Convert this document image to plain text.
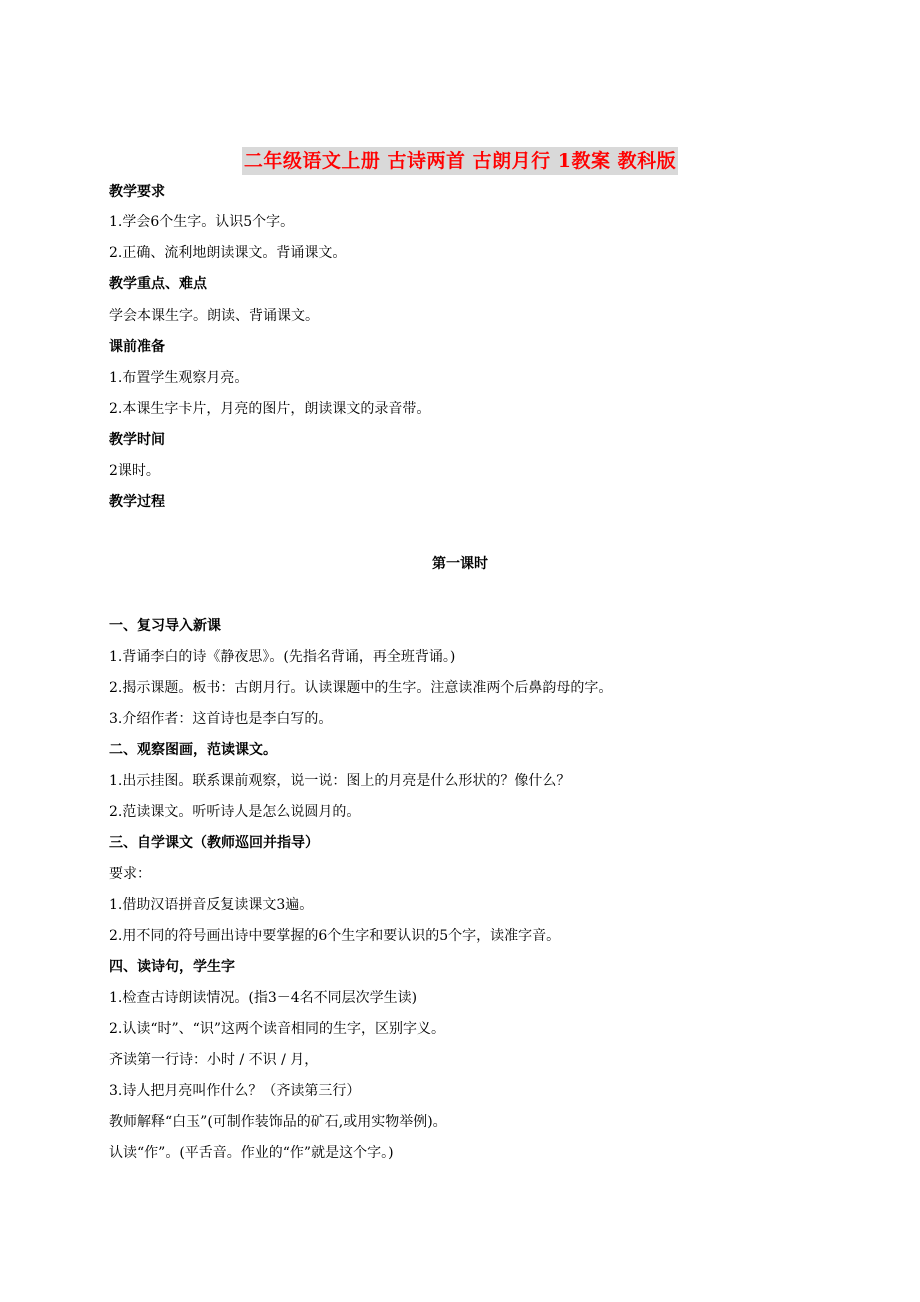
二年级语文上册 古诗两首 古朗月行 1教案 教科版
教学要求
1.学会6个生字。认识5个字。
2.正确、流利地朗读课文。背诵课文。
教学重点、难点
学会本课生字。朗读、背诵课文。
课前准备
1.布置学生观察月亮。
2.本课生字卡片，月亮的图片，朗读课文的录音带。
教学时间
2课时。
教学过程
第一课时
一、复习导入新课
1.背诵李白的诗《静夜思》。(先指名背诵，再全班背诵。)
2.揭示课题。板书：古朗月行。认读课题中的生字。注意读准两个后鼻韵母的字。
3.介绍作者：这首诗也是李白写的。
二、观察图画，范读课文。
1.出示挂图。联系课前观察，说一说：图上的月亮是什么形状的？像什么？
2.范读课文。听听诗人是怎么说圆月的。
三、自学课文（教师巡回并指导）
要求：
1.借助汉语拼音反复读课文3遍。
2.用不同的符号画出诗中要掌握的6个生字和要认识的5个字，读准字音。
四、读诗句，学生字
1.检查古诗朗读情况。(指3－4名不同层次学生读)
2.认读“时”、“识”这两个读音相同的生字，区别字义。
齐读第一行诗：小时 / 不识 / 月，
3.诗人把月亮叫作什么？（齐读第三行）
教师解释“白玉”(可制作装饰品的矿石,或用实物举例)。
认读“作”。(平舌音。作业的“作”就是这个字。)
